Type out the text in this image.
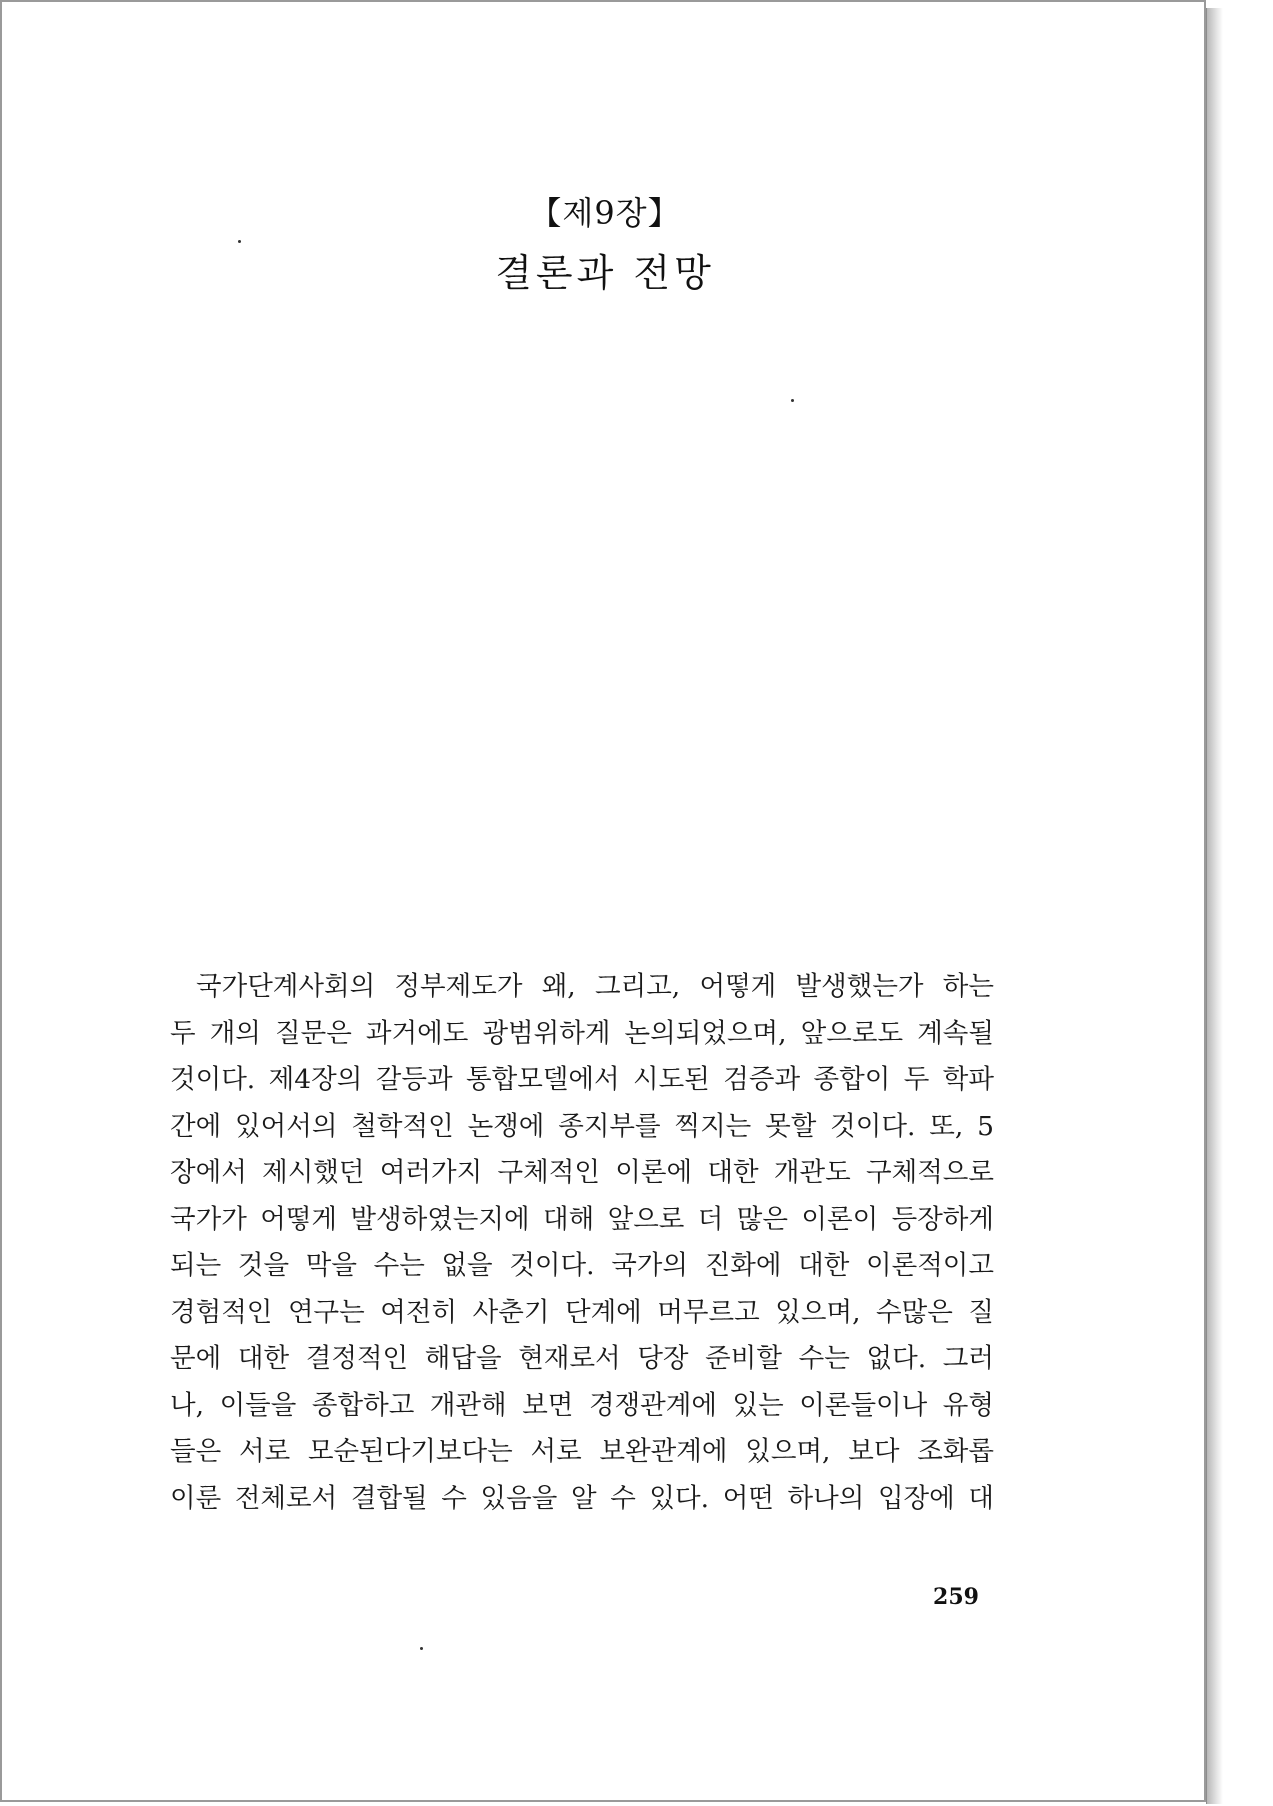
【제9장】
결론과 전망
국가단계사회의 정부제도가 왜, 그리고, 어떻게 발생했는가 하는
두 개의 질문은 과거에도 광범위하게 논의되었으며, 앞으로도 계속될
것이다. 제4장의 갈등과 통합모델에서 시도된 검증과 종합이 두 학파
간에 있어서의 철학적인 논쟁에 종지부를 찍지는 못할 것이다. 또, 5
장에서 제시했던 여러가지 구체적인 이론에 대한 개관도 구체적으로
국가가 어떻게 발생하였는지에 대해 앞으로 더 많은 이론이 등장하게
되는 것을 막을 수는 없을 것이다. 국가의 진화에 대한 이론적이고
경험적인 연구는 여전히 사춘기 단계에 머무르고 있으며, 수많은 질
문에 대한 결정적인 해답을 현재로서 당장 준비할 수는 없다. 그러
나, 이들을 종합하고 개관해 보면 경쟁관계에 있는 이론들이나 유형
들은 서로 모순된다기보다는 서로 보완관계에 있으며, 보다 조화롭
이룬 전체로서 결합될 수 있음을 알 수 있다. 어떤 하나의 입장에 대
259
